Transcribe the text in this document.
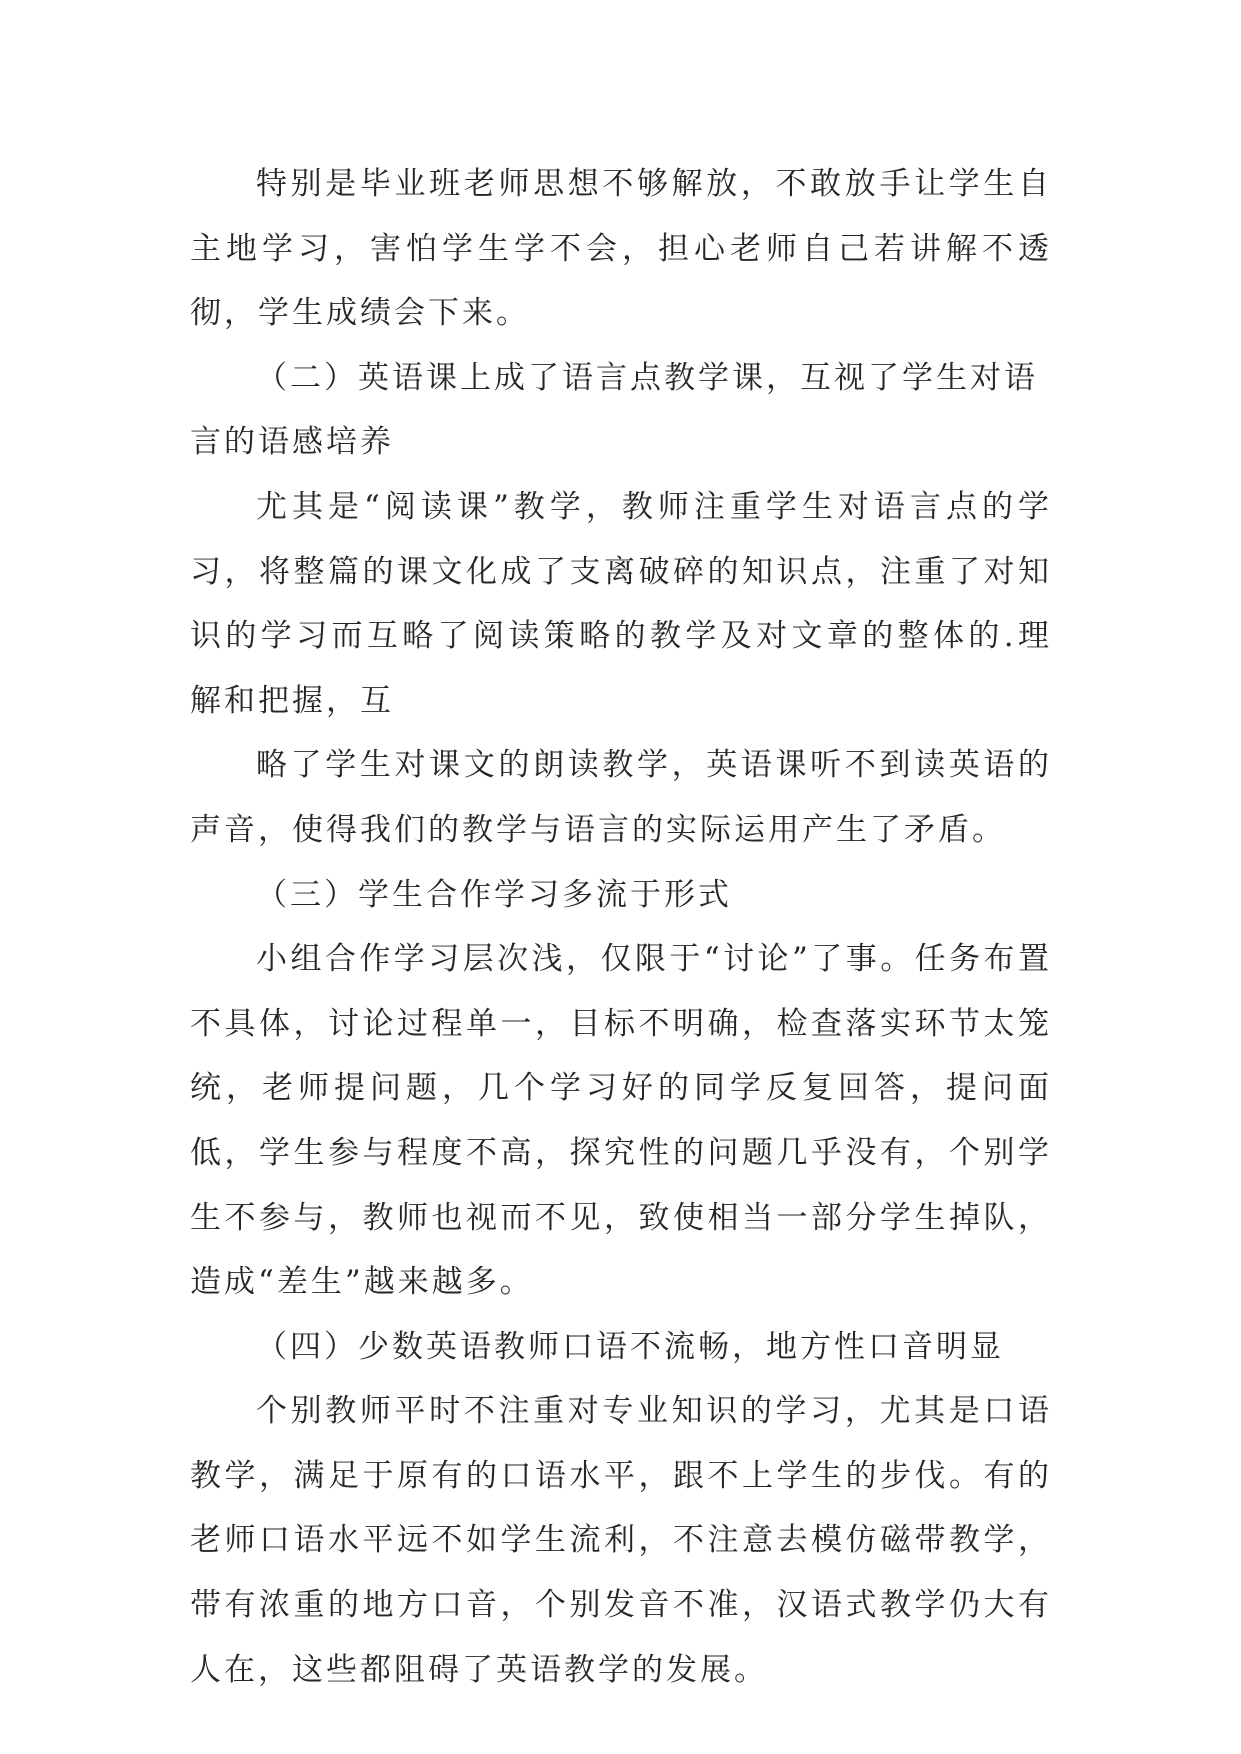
特别是毕业班老师思想不够解放，不敢放手让学生自主地学习，害怕学生学不会，担心老师自己若讲解不透彻，学生成绩会下来。

（二）英语课上成了语言点教学课，互视了学生对语言的语感培养

尤其是“阅读课”教学，教师注重学生对语言点的学习，将整篇的课文化成了支离破碎的知识点，注重了对知识的学习而互略了阅读策略的教学及对文章的整体的.理解和把握，互

略了学生对课文的朗读教学，英语课听不到读英语的声音，使得我们的教学与语言的实际运用产生了矛盾。

（三）学生合作学习多流于形式

小组合作学习层次浅，仅限于“讨论”了事。任务布置不具体，讨论过程单一，目标不明确，检查落实环节太笼统，老师提问题，几个学习好的同学反复回答，提问面低，学生参与程度不高，探究性的问题几乎没有，个别学生不参与，教师也视而不见，致使相当一部分学生掉队，造成“差生”越来越多。

（四）少数英语教师口语不流畅，地方性口音明显

个别教师平时不注重对专业知识的学习，尤其是口语教学，满足于原有的口语水平，跟不上学生的步伐。有的老师口语水平远不如学生流利，不注意去模仿磁带教学，带有浓重的地方口音，个别发音不准，汉语式教学仍大有人在，这些都阻碍了英语教学的发展。
